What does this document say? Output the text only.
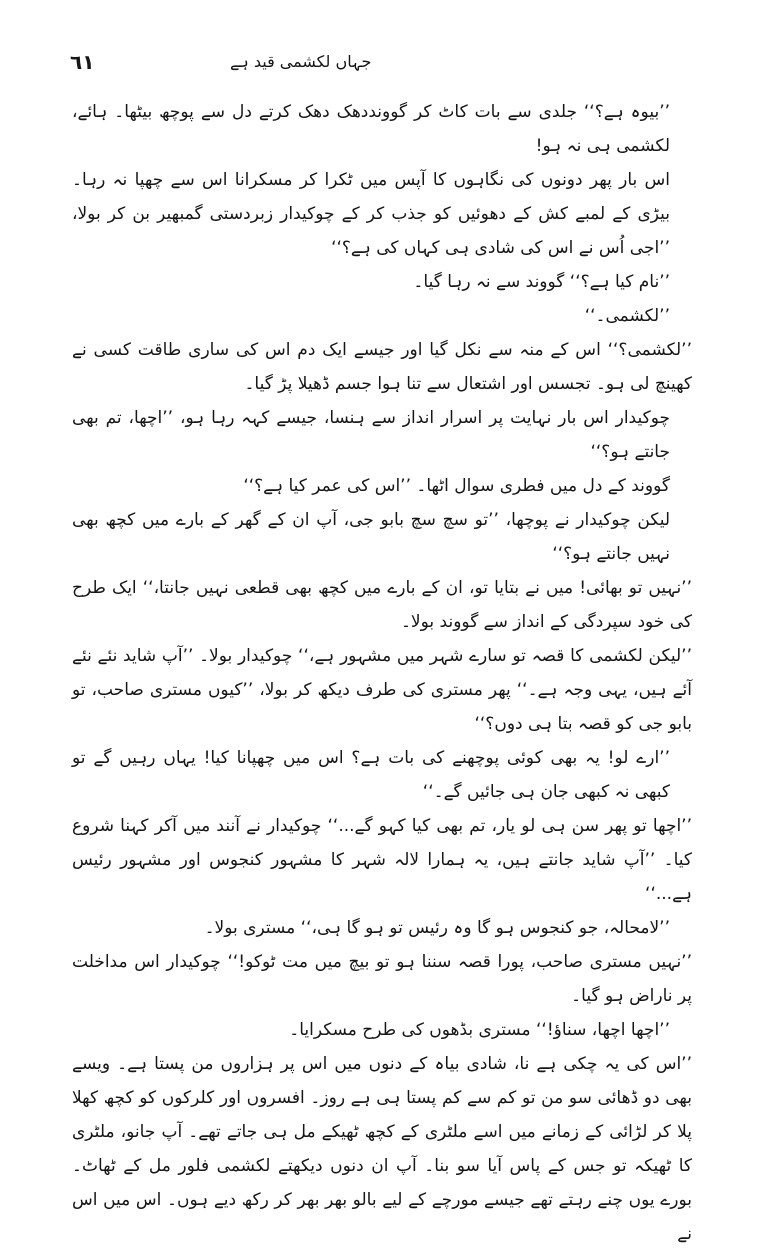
٦١	جہاں لکشمی قید ہے

’’بیوہ ہے؟‘‘ جلدی سے بات کاٹ کر گوونددھک دھک کرتے دل سے پوچھ بیٹھا۔ ہائے، لکشمی ہی نہ ہو!

اس بار پھر دونوں کی نگاہوں کا آپس میں ٹکرا کر مسکرانا اس سے چھپا نہ رہا۔ بیڑی کے لمبے کش کے دھوئیں کو جذب کر کے چوکیدار زبردستی گمبھیر بن کر بولا، ’’اجی اُس نے اس کی شادی ہی کہاں کی ہے؟‘‘

’’نام کیا ہے؟‘‘ گووند سے نہ رہا گیا۔

’’لکشمی۔‘‘

’’لکشمی؟‘‘ اس کے منہ سے نکل گیا اور جیسے ایک دم اس کی ساری طاقت کسی نے کھینچ لی ہو۔ تجسس اور اشتعال سے تنا ہوا جسم ڈھیلا پڑ گیا۔

چوکیدار اس بار نہایت پر اسرار انداز سے ہنسا، جیسے کہہ رہا ہو، ’’اچھا، تم بھی جانتے ہو؟‘‘

گووند کے دل میں فطری سوال اٹھا۔ ’’اس کی عمر کیا ہے؟‘‘

لیکن چوکیدار نے پوچھا، ’’تو سچ سچ بابو جی، آپ ان کے گھر کے بارے میں کچھ بھی نہیں جانتے ہو؟‘‘

’’نہیں تو بھائی! میں نے بتایا تو، ان کے بارے میں کچھ بھی قطعی نہیں جانتا،‘‘ ایک طرح کی خود سپردگی کے انداز سے گووند بولا۔

’’لیکن لکشمی کا قصہ تو سارے شہر میں مشہور ہے،‘‘ چوکیدار بولا۔ ’’آپ شاید نئے نئے آئے ہیں، یہی وجہ ہے۔‘‘ پھر مستری کی طرف دیکھ کر بولا، ’’کیوں مستری صاحب، تو بابو جی کو قصہ بتا ہی دوں؟‘‘

’’ارے لو! یہ بھی کوئی پوچھنے کی بات ہے؟ اس میں چھپانا کیا! یہاں رہیں گے تو کبھی نہ کبھی جان ہی جائیں گے۔‘‘

’’اچھا تو پھر سن ہی لو یار، تم بھی کیا کہو گے...‘‘ چوکیدار نے آنند میں آکر کہنا شروع کیا۔ ’’آپ شاید جانتے ہیں، یہ ہمارا لالہ شہر کا مشہور کنجوس اور مشہور رئیس ہے...‘‘

’’لامحالہ، جو کنجوس ہو گا وہ رئیس تو ہو گا ہی،‘‘ مستری بولا۔

’’نہیں مستری صاحب، پورا قصہ سننا ہو تو بیچ میں مت ٹوکو!‘‘ چوکیدار اس مداخلت پر ناراض ہو گیا۔

’’اچھا اچھا، سناؤ!‘‘ مستری بڈھوں کی طرح مسکرایا۔

’’اس کی یہ چکی ہے نا، شادی بیاہ کے دنوں میں اس پر ہزاروں من پستا ہے۔ ویسے بھی دو ڈھائی سو من تو کم سے کم پستا ہی ہے روز۔ افسروں اور کلرکوں کو کچھ کھلا پلا کر لڑائی کے زمانے میں اسے ملٹری کے کچھ ٹھیکے مل ہی جاتے تھے۔ آپ جانو، ملٹری کا ٹھیکہ تو جس کے پاس آیا سو بنا۔ آپ ان دنوں دیکھتے لکشمی فلور مل کے ٹھاٹ۔ بورے یوں چنے رہتے تھے جیسے مورچے کے لیے بالو بھر بھر کر رکھ دیے ہوں۔ اس میں اس نے
